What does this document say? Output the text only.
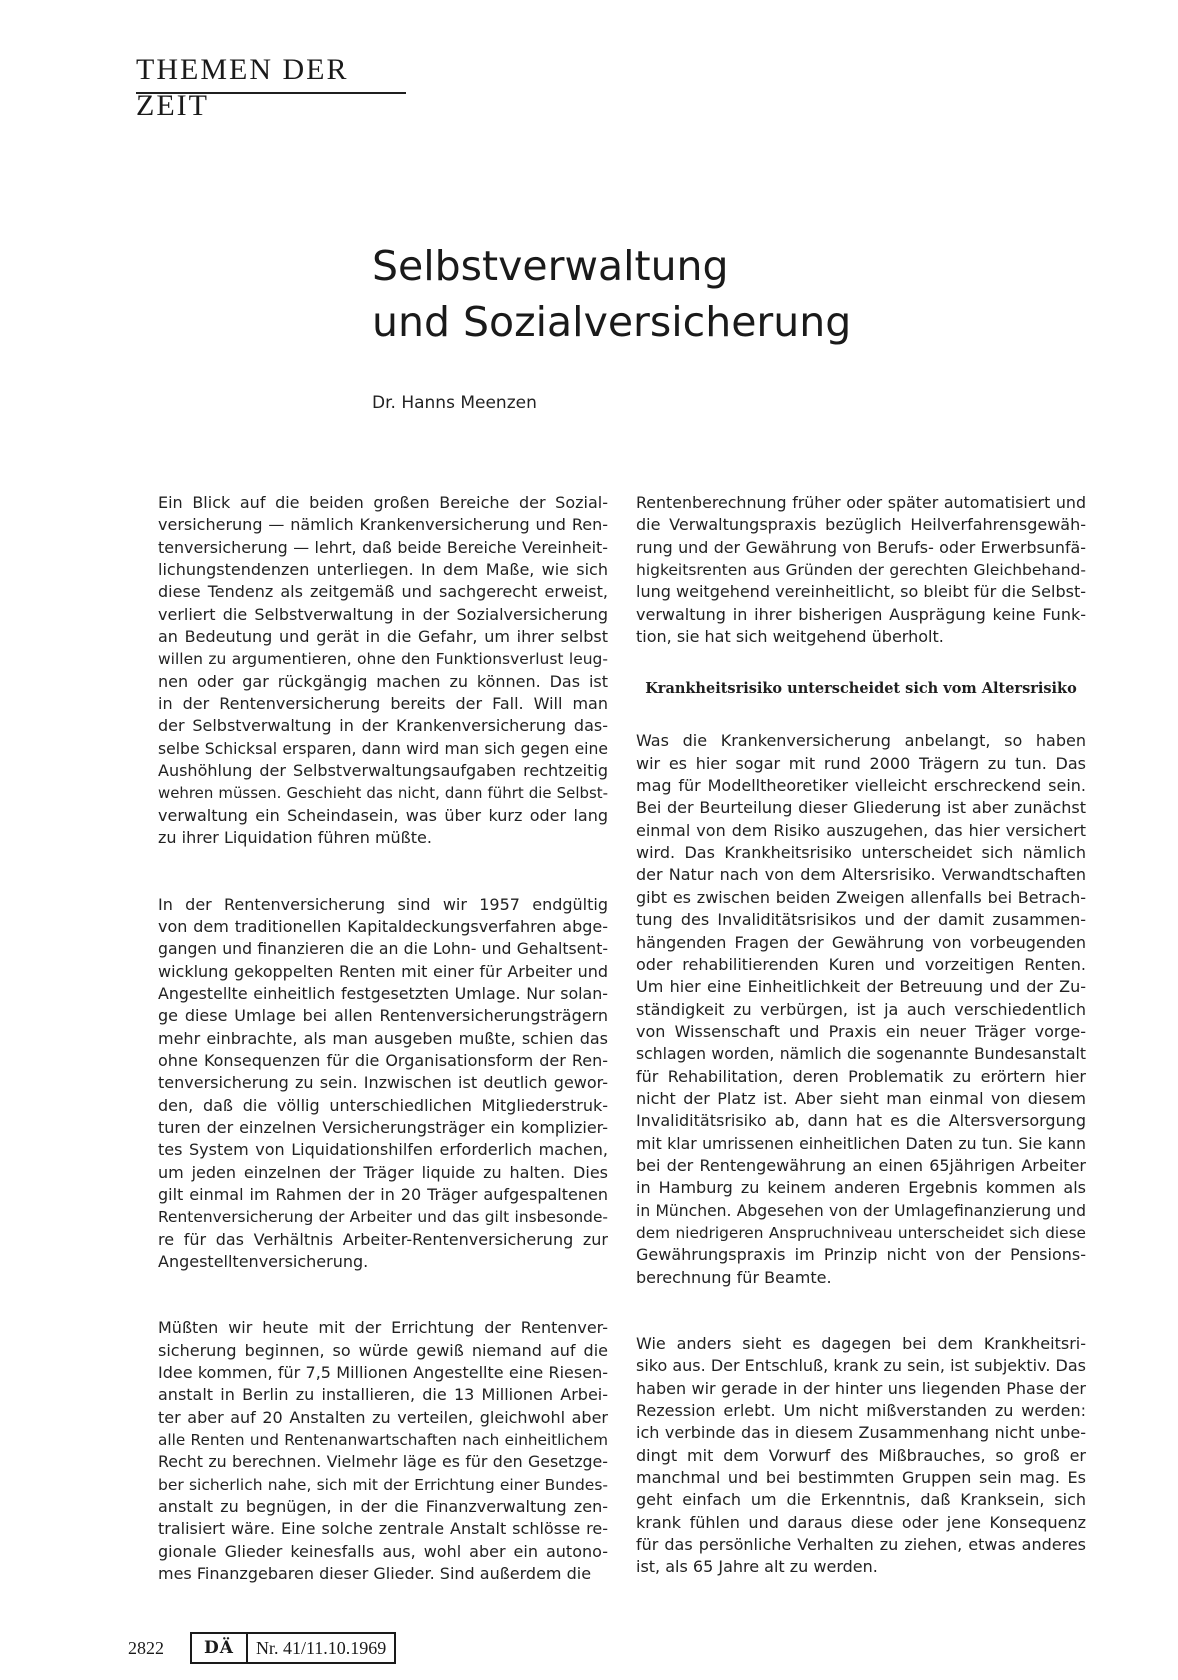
THEMEN DER ZEIT
Selbstverwaltung
und Sozialversicherung
Dr. Hanns Meenzen

Ein Blick auf die beiden großen Bereiche der Sozial-
versicherung — nämlich Krankenversicherung und Ren-
tenversicherung — lehrt, daß beide Bereiche Vereinheit-
lichungstendenzen unterliegen. In dem Maße, wie sich
diese Tendenz als zeitgemäß und sachgerecht erweist,
verliert die Selbstverwaltung in der Sozialversicherung
an Bedeutung und gerät in die Gefahr, um ihrer selbst
willen zu argumentieren, ohne den Funktionsverlust leug-
nen oder gar rückgängig machen zu können. Das ist
in der Rentenversicherung bereits der Fall. Will man
der Selbstverwaltung in der Krankenversicherung das-
selbe Schicksal ersparen, dann wird man sich gegen eine
Aushöhlung der Selbstverwaltungsaufgaben rechtzeitig
wehren müssen. Geschieht das nicht, dann führt die Selbst-
verwaltung ein Scheindasein, was über kurz oder lang
zu ihrer Liquidation führen müßte.

In der Rentenversicherung sind wir 1957 endgültig
von dem traditionellen Kapitaldeckungsverfahren abge-
gangen und finanzieren die an die Lohn- und Gehaltsent-
wicklung gekoppelten Renten mit einer für Arbeiter und
Angestellte einheitlich festgesetzten Umlage. Nur solan-
ge diese Umlage bei allen Rentenversicherungsträgern
mehr einbrachte, als man ausgeben mußte, schien das
ohne Konsequenzen für die Organisationsform der Ren-
tenversicherung zu sein. Inzwischen ist deutlich gewor-
den, daß die völlig unterschiedlichen Mitgliederstruk-
turen der einzelnen Versicherungsträger ein komplizier-
tes System von Liquidationshilfen erforderlich machen,
um jeden einzelnen der Träger liquide zu halten. Dies
gilt einmal im Rahmen der in 20 Träger aufgespaltenen
Rentenversicherung der Arbeiter und das gilt insbesonde-
re für das Verhältnis Arbeiter-Rentenversicherung zur
Angestelltenversicherung.

Müßten wir heute mit der Errichtung der Rentenver-
sicherung beginnen, so würde gewiß niemand auf die
Idee kommen, für 7,5 Millionen Angestellte eine Riesen-
anstalt in Berlin zu installieren, die 13 Millionen Arbei-
ter aber auf 20 Anstalten zu verteilen, gleichwohl aber
alle Renten und Rentenanwartschaften nach einheitlichem
Recht zu berechnen. Vielmehr läge es für den Gesetzge-
ber sicherlich nahe, sich mit der Errichtung einer Bundes-
anstalt zu begnügen, in der die Finanzverwaltung zen-
tralisiert wäre. Eine solche zentrale Anstalt schlösse re-
gionale Glieder keinesfalls aus, wohl aber ein autono-
mes Finanzgebaren dieser Glieder. Sind außerdem die

Rentenberechnung früher oder später automatisiert und
die Verwaltungspraxis bezüglich Heilverfahrensgewäh-
rung und der Gewährung von Berufs- oder Erwerbsunfä-
higkeitsrenten aus Gründen der gerechten Gleichbehand-
lung weitgehend vereinheitlicht, so bleibt für die Selbst-
verwaltung in ihrer bisherigen Ausprägung keine Funk-
tion, sie hat sich weitgehend überholt.

Krankheitsrisiko unterscheidet sich vom Altersrisiko

Was die Krankenversicherung anbelangt, so haben
wir es hier sogar mit rund 2000 Trägern zu tun. Das
mag für Modelltheoretiker vielleicht erschreckend sein.
Bei der Beurteilung dieser Gliederung ist aber zunächst
einmal von dem Risiko auszugehen, das hier versichert
wird. Das Krankheitsrisiko unterscheidet sich nämlich
der Natur nach von dem Altersrisiko. Verwandtschaften
gibt es zwischen beiden Zweigen allenfalls bei Betrach-
tung des Invaliditätsrisikos und der damit zusammen-
hängenden Fragen der Gewährung von vorbeugenden
oder rehabilitierenden Kuren und vorzeitigen Renten.
Um hier eine Einheitlichkeit der Betreuung und der Zu-
ständigkeit zu verbürgen, ist ja auch verschiedentlich
von Wissenschaft und Praxis ein neuer Träger vorge-
schlagen worden, nämlich die sogenannte Bundesanstalt
für Rehabilitation, deren Problematik zu erörtern hier
nicht der Platz ist. Aber sieht man einmal von diesem
Invaliditätsrisiko ab, dann hat es die Altersversorgung
mit klar umrissenen einheitlichen Daten zu tun. Sie kann
bei der Rentengewährung an einen 65jährigen Arbeiter
in Hamburg zu keinem anderen Ergebnis kommen als
in München. Abgesehen von der Umlagefinanzierung und
dem niedrigeren Anspruchniveau unterscheidet sich diese
Gewährungspraxis im Prinzip nicht von der Pensions-
berechnung für Beamte.

Wie anders sieht es dagegen bei dem Krankheitsri-
siko aus. Der Entschluß, krank zu sein, ist subjektiv. Das
haben wir gerade in der hinter uns liegenden Phase der
Rezession erlebt. Um nicht mißverstanden zu werden:
ich verbinde das in diesem Zusammenhang nicht unbe-
dingt mit dem Vorwurf des Mißbrauches, so groß er
manchmal und bei bestimmten Gruppen sein mag. Es
geht einfach um die Erkenntnis, daß Kranksein, sich
krank fühlen und daraus diese oder jene Konsequenz
für das persönliche Verhalten zu ziehen, etwas anderes
ist, als 65 Jahre alt zu werden.

2822	DÄ	Nr. 41/11.10.1969
